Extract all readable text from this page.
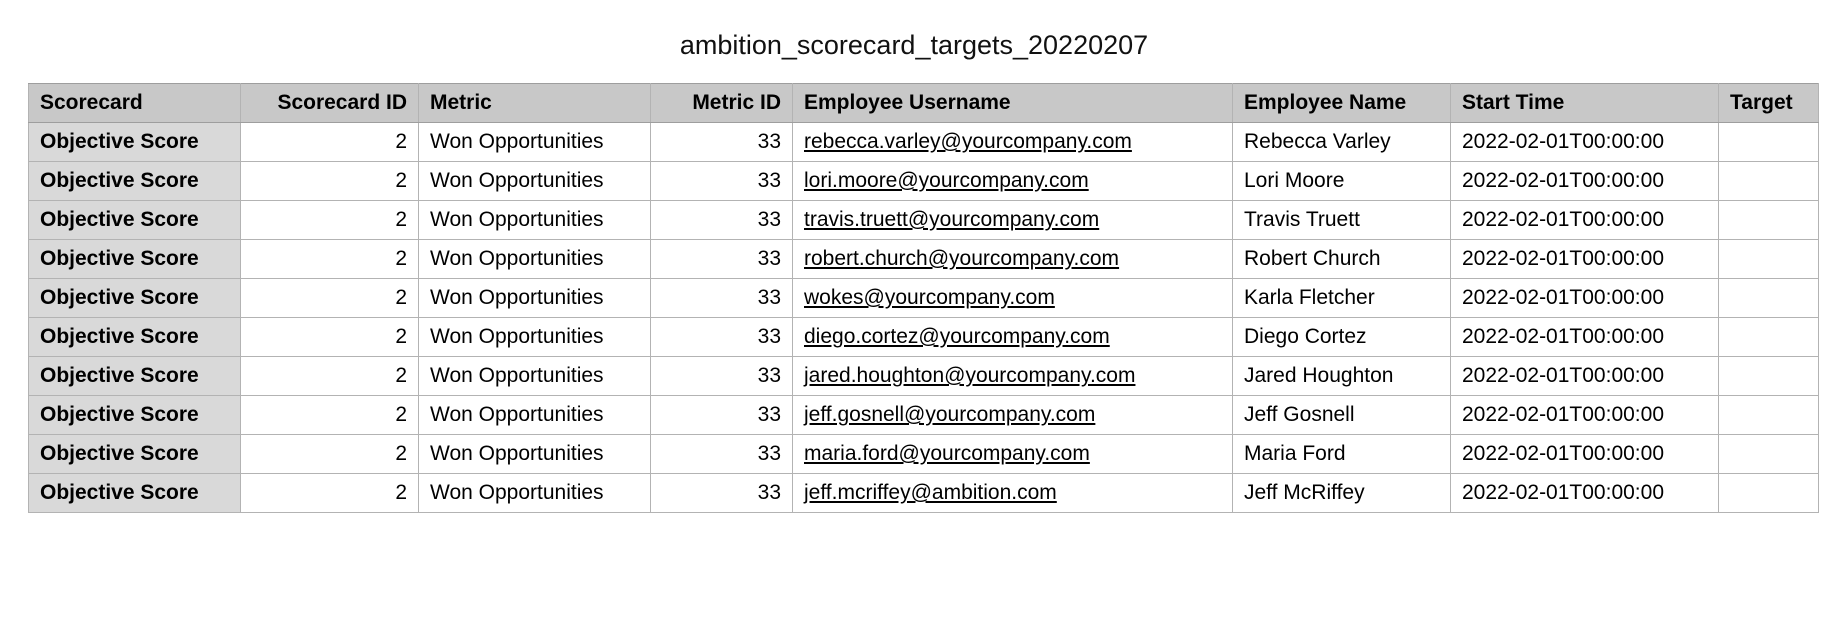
ambition_scorecard_targets_20220207
Scorecard	Scorecard ID	Metric	Metric ID	Employee Username	Employee Name	Start Time	Target
Objective Score	2	Won Opportunities	33	rebecca.varley@yourcompany.com	Rebecca Varley	2022-02-01T00:00:00	
Objective Score	2	Won Opportunities	33	lori.moore@yourcompany.com	Lori Moore	2022-02-01T00:00:00	
Objective Score	2	Won Opportunities	33	travis.truett@yourcompany.com	Travis Truett	2022-02-01T00:00:00	
Objective Score	2	Won Opportunities	33	robert.church@yourcompany.com	Robert Church	2022-02-01T00:00:00	
Objective Score	2	Won Opportunities	33	wokes@yourcompany.com	Karla Fletcher	2022-02-01T00:00:00	
Objective Score	2	Won Opportunities	33	diego.cortez@yourcompany.com	Diego Cortez	2022-02-01T00:00:00	
Objective Score	2	Won Opportunities	33	jared.houghton@yourcompany.com	Jared Houghton	2022-02-01T00:00:00	
Objective Score	2	Won Opportunities	33	jeff.gosnell@yourcompany.com	Jeff Gosnell	2022-02-01T00:00:00	
Objective Score	2	Won Opportunities	33	maria.ford@yourcompany.com	Maria Ford	2022-02-01T00:00:00	
Objective Score	2	Won Opportunities	33	jeff.mcriffey@ambition.com	Jeff McRiffey	2022-02-01T00:00:00	
